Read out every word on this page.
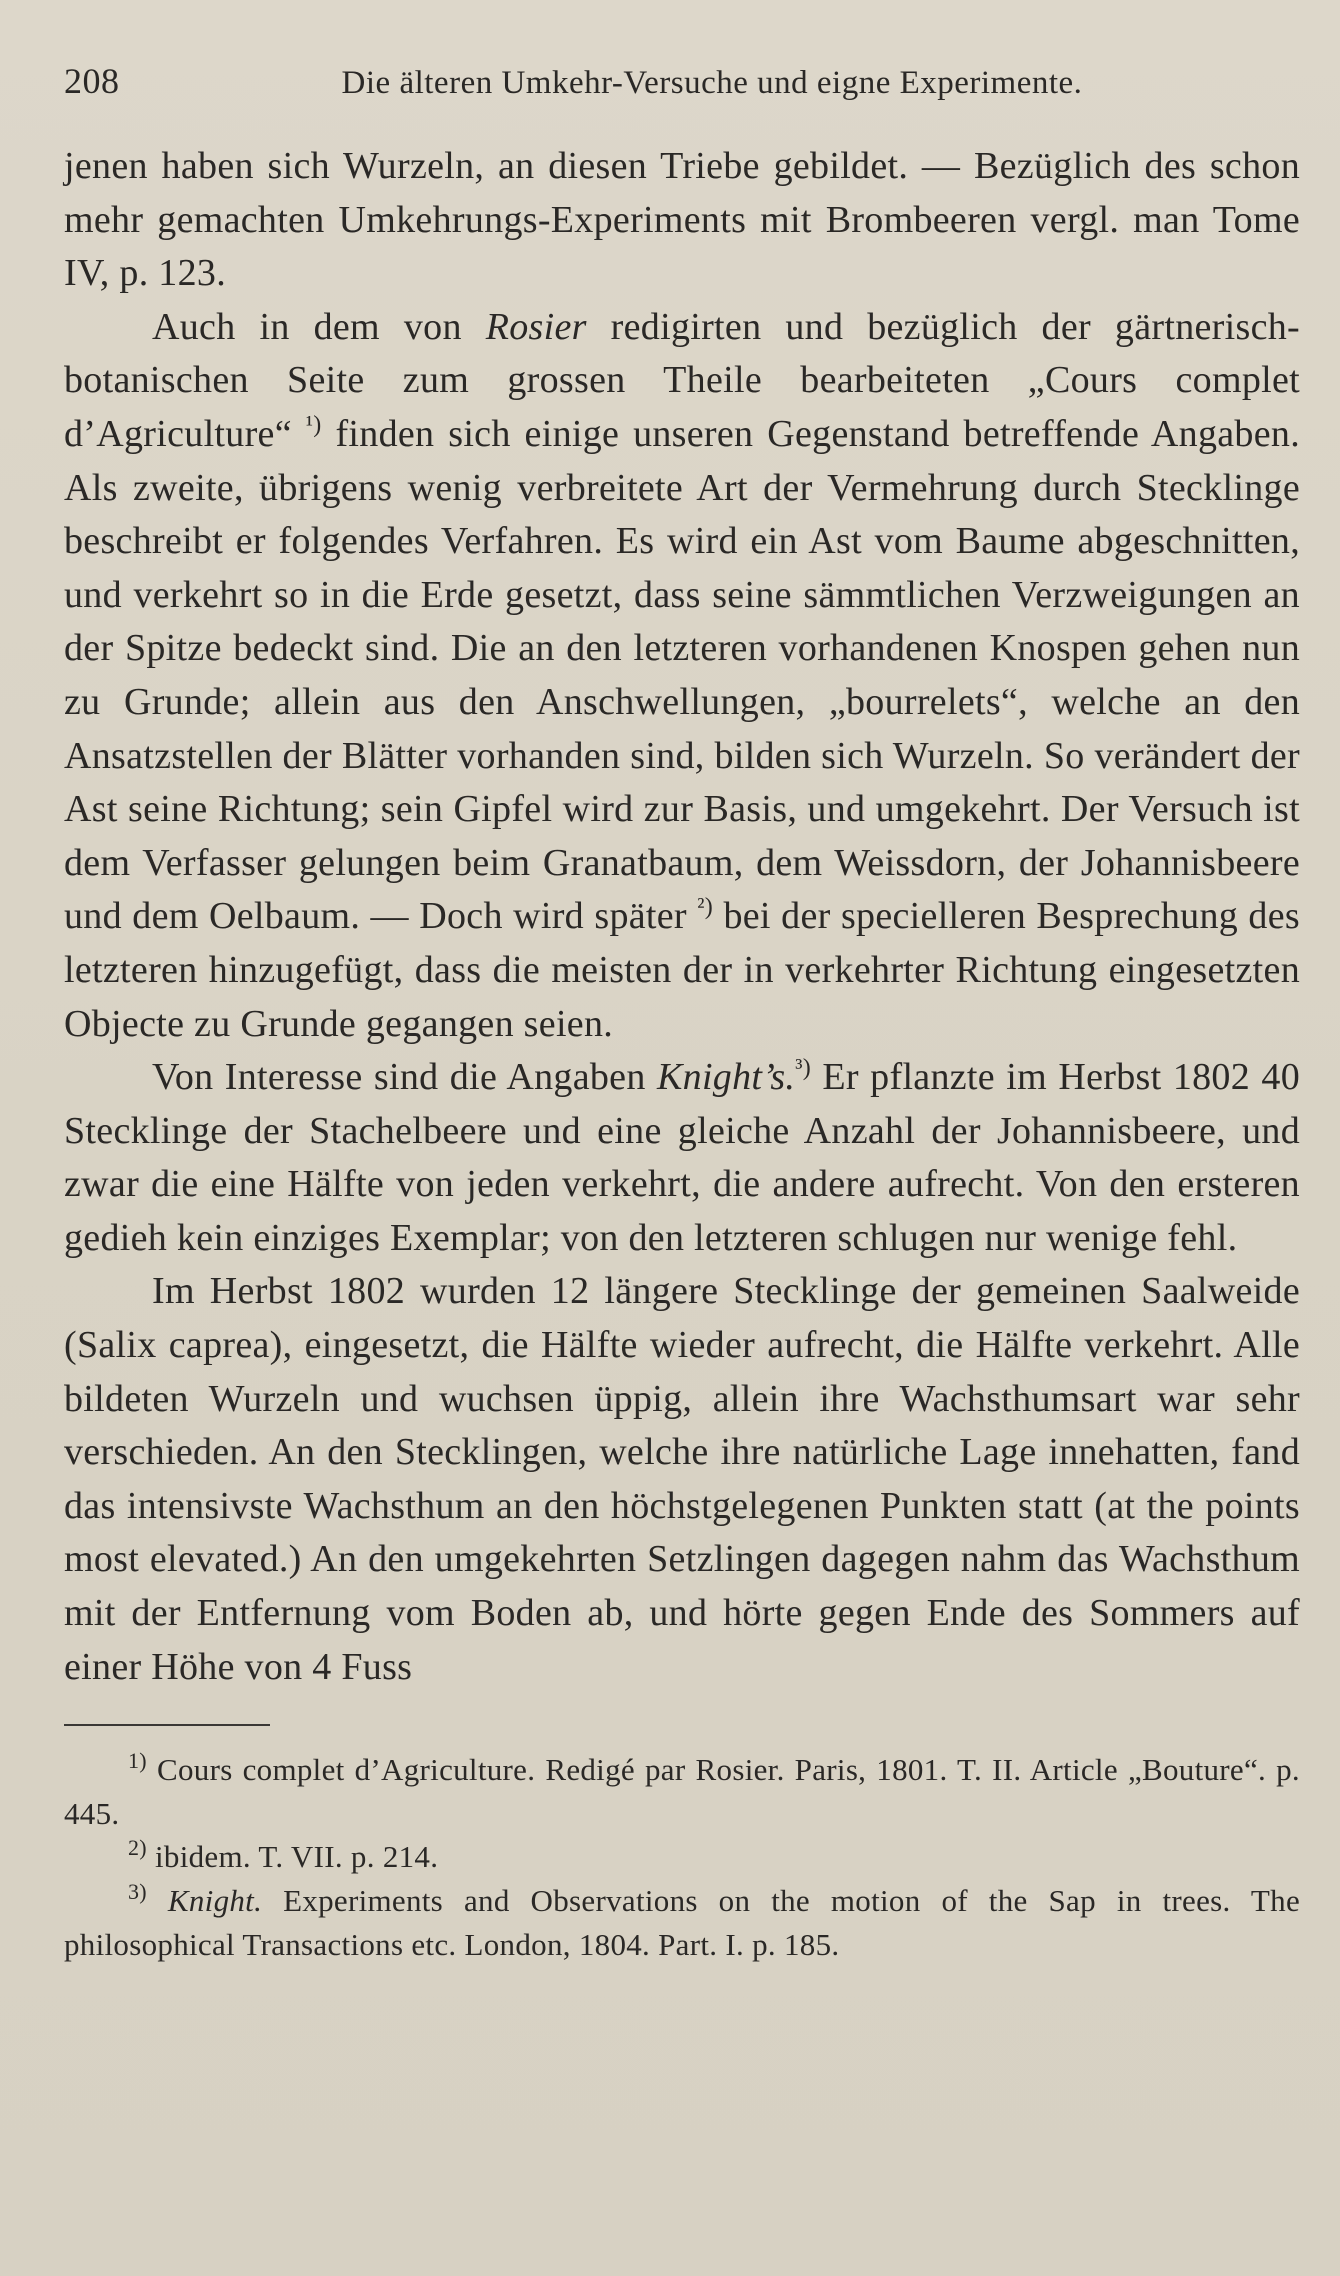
208	Die älteren Umkehr-Versuche und eigne Experimente.

jenen haben sich Wurzeln, an diesen Triebe gebildet. — Bezüglich des schon mehr gemachten Umkehrungs-Experiments mit Brombeeren vergl. man Tome IV, p. 123.

Auch in dem von Rosier redigirten und bezüglich der gärtnerisch-botanischen Seite zum grossen Theile bearbeiteten „Cours complet d’Agriculture“ $^{^1)}$ finden sich einige unseren Gegenstand betreffende Angaben. Als zweite, übrigens wenig verbreitete Art der Vermehrung durch Stecklinge beschreibt er folgendes Verfahren. Es wird ein Ast vom Baume abgeschnitten, und verkehrt so in die Erde gesetzt, dass seine sämmtlichen Verzweigungen an der Spitze bedeckt sind. Die an den letzteren vorhandenen Knospen gehen nun zu Grunde; allein aus den Anschwellungen, „bourrelets“, welche an den Ansatzstellen der Blätter vorhanden sind, bilden sich Wurzeln. So verändert der Ast seine Richtung; sein Gipfel wird zur Basis, und umgekehrt. Der Versuch ist dem Verfasser gelungen beim Granatbaum, dem Weissdorn, der Johannisbeere und dem Oelbaum. — Doch wird später $^{^2)}$ bei der specielleren Besprechung des letzteren hinzugefügt, dass die meisten der in verkehrter Richtung eingesetzten Objecte zu Grunde gegangen seien.

Von Interesse sind die Angaben Knight’s.$^{^3)}$ Er pflanzte im Herbst 1802 40 Stecklinge der Stachelbeere und eine gleiche Anzahl der Johannisbeere, und zwar die eine Hälfte von jeden verkehrt, die andere aufrecht. Von den ersteren gedieh kein einziges Exemplar; von den letzteren schlugen nur wenige fehl.

Im Herbst 1802 wurden 12 längere Stecklinge der gemeinen Saalweide (Salix caprea), eingesetzt, die Hälfte wieder aufrecht, die Hälfte verkehrt. Alle bildeten Wurzeln und wuchsen üppig, allein ihre Wachsthumsart war sehr verschieden. An den Stecklingen, welche ihre natürliche Lage innehatten, fand das intensivste Wachsthum an den höchstgelegenen Punkten statt (at the points most elevated.) An den umgekehrten Setzlingen dagegen nahm das Wachsthum mit der Entfernung vom Boden ab, und hörte gegen Ende des Sommers auf einer Höhe von 4 Fuss

$^{1)}$ Cours complet d’Agriculture. Redigé par Rosier. Paris, 1801. T. II. Article „Bouture“. p. 445.

$^{2)}$ ibidem. T. VII. p. 214.

$^{3)}$ Knight. Experiments and Observations on the motion of the Sap in trees. The philosophical Transactions etc. London, 1804. Part. I. p. 185.
